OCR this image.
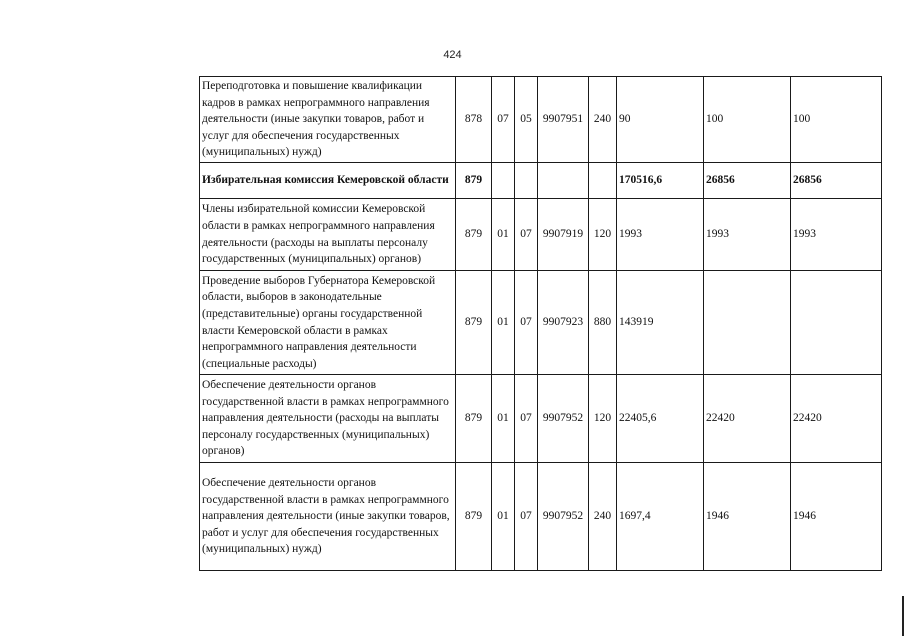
424
Переподготовка и повышение квалификации кадров в рамках непрограммного направления деятельности (иные закупки товаров, работ и услуг для обеспечения государственных (муниципальных) нужд)	878	07	05	9907951	240	90	100	100
Избирательная комиссия Кемеровской области	879					170516,6	26856	26856
Члены избирательной комиссии Кемеровской области в рамках непрограммного направления деятельности (расходы на выплаты персоналу государственных (муниципальных) органов)	879	01	07	9907919	120	1993	1993	1993
Проведение выборов Губернатора Кемеровской области, выборов в законодательные (представительные) органы государственной власти Кемеровской области в рамках непрограммного направления деятельности (специальные расходы)	879	01	07	9907923	880	143919		
Обеспечение деятельности органов государственной власти в рамках непрограммного направления деятельности (расходы на выплаты персоналу государственных (муниципальных) органов)	879	01	07	9907952	120	22405,6	22420	22420
Обеспечение деятельности органов государственной власти в рамках непрограммного направления деятельности (иные закупки товаров, работ и услуг для обеспечения государственных (муниципальных) нужд)	879	01	07	9907952	240	1697,4	1946	1946
